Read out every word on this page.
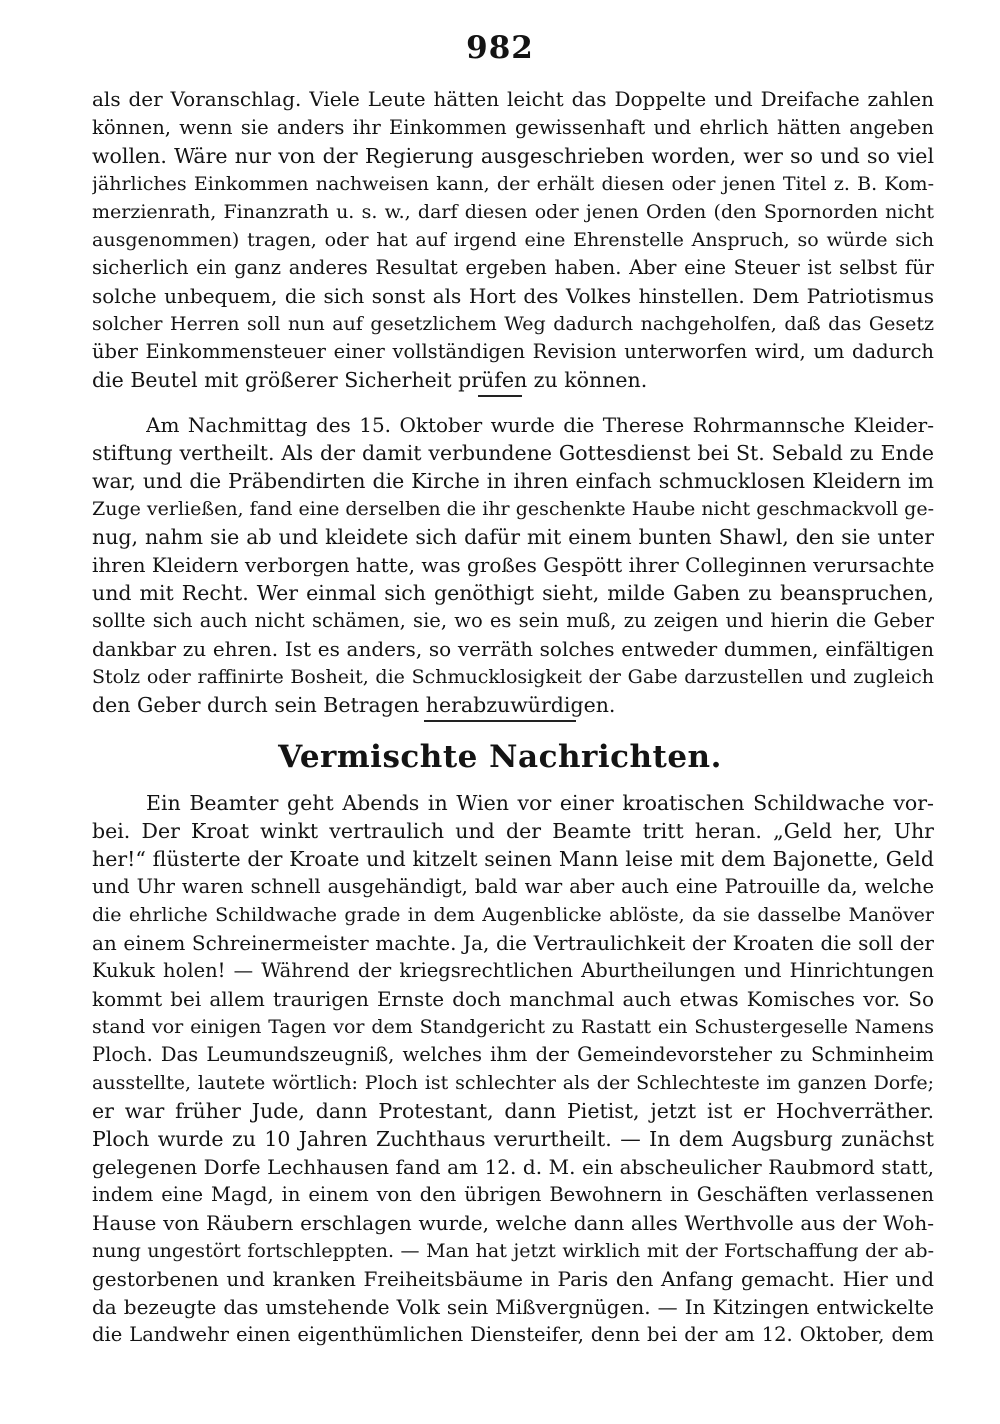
982
als der Voranschlag. Viele Leute hätten leicht das Doppelte und Dreifache zahlen
können, wenn sie anders ihr Einkommen gewissenhaft und ehrlich hätten angeben
wollen. Wäre nur von der Regierung ausgeschrieben worden, wer so und so viel
jährliches Einkommen nachweisen kann, der erhält diesen oder jenen Titel z. B. Kom-
merzienrath, Finanzrath u. s. w., darf diesen oder jenen Orden (den Spornorden nicht
ausgenommen) tragen, oder hat auf irgend eine Ehrenstelle Anspruch, so würde sich
sicherlich ein ganz anderes Resultat ergeben haben. Aber eine Steuer ist selbst für
solche unbequem, die sich sonst als Hort des Volkes hinstellen. Dem Patriotismus
solcher Herren soll nun auf gesetzlichem Weg dadurch nachgeholfen, daß das Gesetz
über Einkommensteuer einer vollständigen Revision unterworfen wird, um dadurch
die Beutel mit größerer Sicherheit prüfen zu können.
Am Nachmittag des 15. Oktober wurde die Therese Rohrmannsche Kleider-
stiftung vertheilt. Als der damit verbundene Gottesdienst bei St. Sebald zu Ende
war, und die Präbendirten die Kirche in ihren einfach schmucklosen Kleidern im
Zuge verließen, fand eine derselben die ihr geschenkte Haube nicht geschmackvoll ge-
nug, nahm sie ab und kleidete sich dafür mit einem bunten Shawl, den sie unter
ihren Kleidern verborgen hatte, was großes Gespött ihrer Colleginnen verursachte
und mit Recht. Wer einmal sich genöthigt sieht, milde Gaben zu beanspruchen,
sollte sich auch nicht schämen, sie, wo es sein muß, zu zeigen und hierin die Geber
dankbar zu ehren. Ist es anders, so verräth solches entweder dummen, einfältigen
Stolz oder raffinirte Bosheit, die Schmucklosigkeit der Gabe darzustellen und zugleich
den Geber durch sein Betragen herabzuwürdigen.
Vermischte Nachrichten.
Ein Beamter geht Abends in Wien vor einer kroatischen Schildwache vor-
bei. Der Kroat winkt vertraulich und der Beamte tritt heran. „Geld her, Uhr
her!“ flüsterte der Kroate und kitzelt seinen Mann leise mit dem Bajonette, Geld
und Uhr waren schnell ausgehändigt, bald war aber auch eine Patrouille da, welche
die ehrliche Schildwache grade in dem Augenblicke ablöste, da sie dasselbe Manöver
an einem Schreinermeister machte. Ja, die Vertraulichkeit der Kroaten die soll der
Kukuk holen! — Während der kriegsrechtlichen Aburtheilungen und Hinrichtungen
kommt bei allem traurigen Ernste doch manchmal auch etwas Komisches vor. So
stand vor einigen Tagen vor dem Standgericht zu Rastatt ein Schustergeselle Namens
Ploch. Das Leumundszeugniß, welches ihm der Gemeindevorsteher zu Schminheim
ausstellte, lautete wörtlich: Ploch ist schlechter als der Schlechteste im ganzen Dorfe;
er war früher Jude, dann Protestant, dann Pietist, jetzt ist er Hochverräther.
Ploch wurde zu 10 Jahren Zuchthaus verurtheilt. — In dem Augsburg zunächst
gelegenen Dorfe Lechhausen fand am 12. d. M. ein abscheulicher Raubmord statt,
indem eine Magd, in einem von den übrigen Bewohnern in Geschäften verlassenen
Hause von Räubern erschlagen wurde, welche dann alles Werthvolle aus der Woh-
nung ungestört fortschleppten. — Man hat jetzt wirklich mit der Fortschaffung der ab-
gestorbenen und kranken Freiheitsbäume in Paris den Anfang gemacht. Hier und
da bezeugte das umstehende Volk sein Mißvergnügen. — In Kitzingen entwickelte
die Landwehr einen eigenthümlichen Diensteifer, denn bei der am 12. Oktober, dem
